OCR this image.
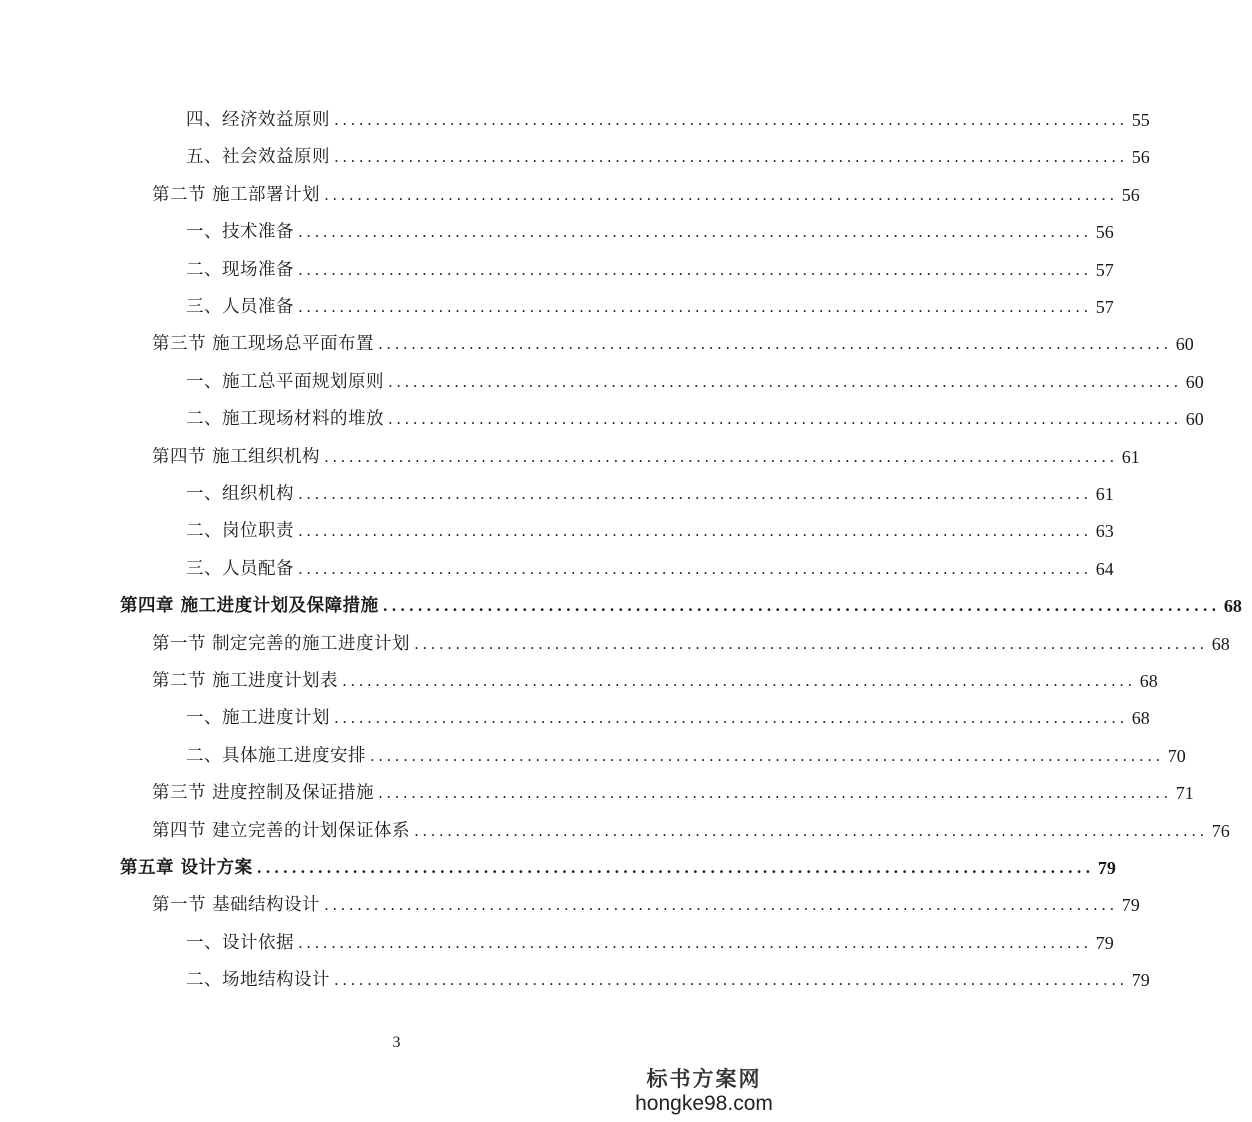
四、经济效益原则 ................................................................................................ 55
五、社会效益原则 ................................................................................................ 56
第二节 施工部署计划 ................................................................................................ 56
一、技术准备 ................................................................................................ 56
二、现场准备 ................................................................................................ 57
三、人员准备 ................................................................................................ 57
第三节 施工现场总平面布置 ................................................................................................ 60
一、施工总平面规划原则 ................................................................................................ 60
二、施工现场材料的堆放 ................................................................................................ 60
第四节 施工组织机构 ................................................................................................ 61
一、组织机构 ................................................................................................ 61
二、岗位职责 ................................................................................................ 63
三、人员配备 ................................................................................................ 64
第四章 施工进度计划及保障措施 ................................................................................................ 68
第一节 制定完善的施工进度计划 ................................................................................................ 68
第二节 施工进度计划表 ................................................................................................ 68
一、施工进度计划 ................................................................................................ 68
二、具体施工进度安排 ................................................................................................ 70
第三节 进度控制及保证措施 ................................................................................................ 71
第四节 建立完善的计划保证体系 ................................................................................................ 76
第五章 设计方案 ................................................................................................ 79
第一节 基础结构设计 ................................................................................................ 79
一、设计依据 ................................................................................................ 79
二、场地结构设计 ................................................................................................ 79
3
标书方案网
hongke98.com
